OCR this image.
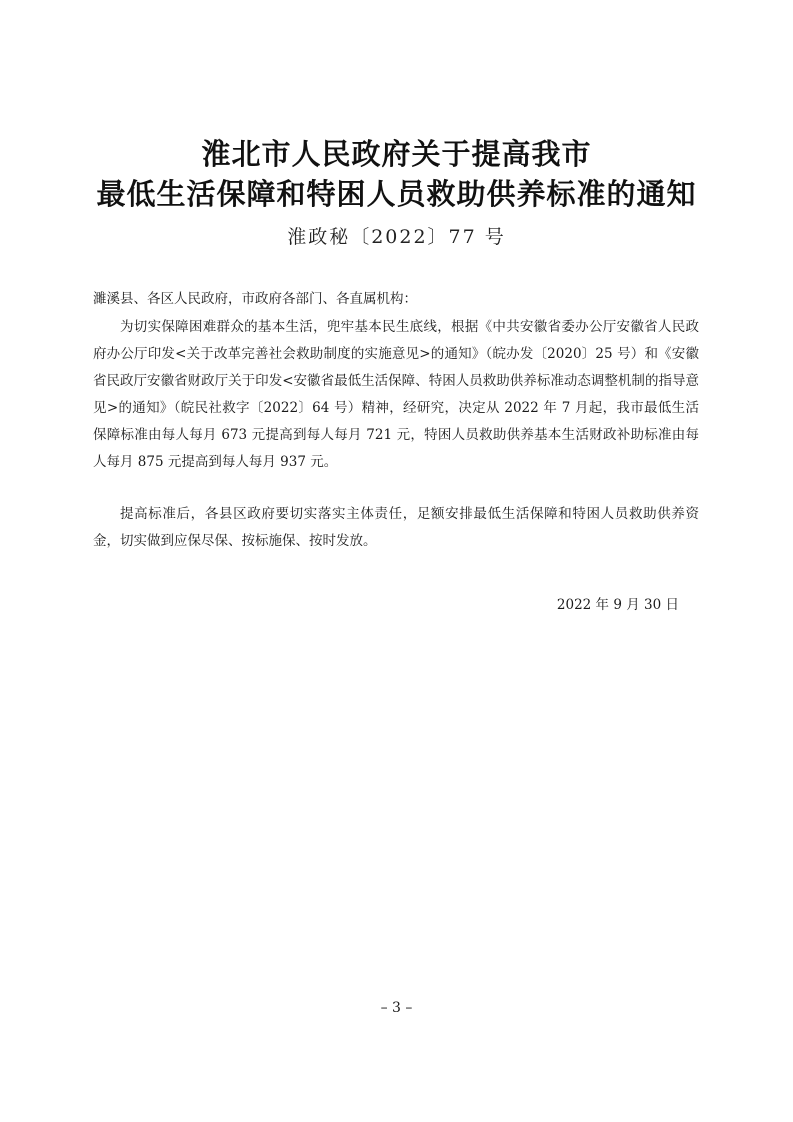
淮北市人民政府关于提高我市
最低生活保障和特困人员救助供养标准的通知
淮政秘〔2022〕77 号

濉溪县、各区人民政府，市政府各部门、各直属机构：

为切实保障困难群众的基本生活，兜牢基本民生底线，根据《中共安徽省委办公厅安徽省人民政府办公厅印发<关于改革完善社会救助制度的实施意见>的通知》（皖办发〔2020〕25 号）和《安徽省民政厅安徽省财政厅关于印发<安徽省最低生活保障、特困人员救助供养标准动态调整机制的指导意见>的通知》（皖民社救字〔2022〕64 号）精神，经研究，决定从 2022 年 7 月起，我市最低生活保障标准由每人每月 673 元提高到每人每月 721 元，特困人员救助供养基本生活财政补助标准由每人每月 875 元提高到每人每月 937 元。

提高标准后，各县区政府要切实落实主体责任，足额安排最低生活保障和特困人员救助供养资金，切实做到应保尽保、按标施保、按时发放。

2022 年 9 月 30 日
– 3 –
